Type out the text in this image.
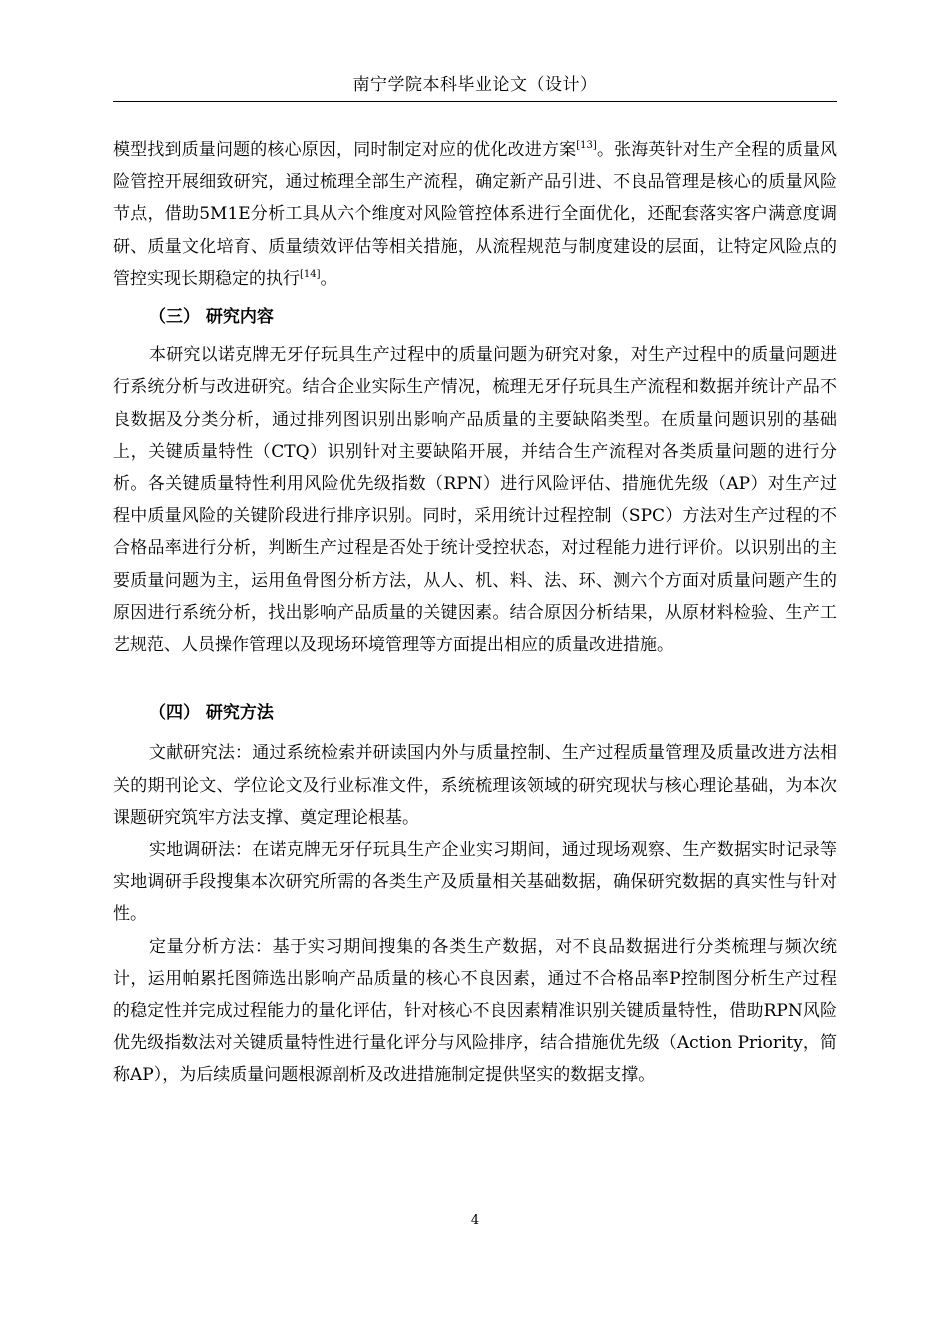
南宁学院本科毕业论文（设计）

模型找到质量问题的核心原因，同时制定对应的优化改进方案[13]。张海英针对生产全程的质量风险管控开展细致研究，通过梳理全部生产流程，确定新产品引进、不良品管理是核心的质量风险节点，借助5M1E分析工具从六个维度对风险管控体系进行全面优化，还配套落实客户满意度调研、质量文化培育、质量绩效评估等相关措施，从流程规范与制度建设的层面，让特定风险点的管控实现长期稳定的执行[14]。

（三） 研究内容

本研究以诺克牌无牙仔玩具生产过程中的质量问题为研究对象，对生产过程中的质量问题进行系统分析与改进研究。结合企业实际生产情况，梳理无牙仔玩具生产流程和数据并统计产品不良数据及分类分析，通过排列图识别出影响产品质量的主要缺陷类型。在质量问题识别的基础上，关键质量特性（CTQ）识别针对主要缺陷开展，并结合生产流程对各类质量问题的进行分析。各关键质量特性利用风险优先级指数（RPN）进行风险评估、措施优先级（AP）对生产过程中质量风险的关键阶段进行排序识别。同时，采用统计过程控制（SPC）方法对生产过程的不合格品率进行分析，判断生产过程是否处于统计受控状态，对过程能力进行评价。以识别出的主要质量问题为主，运用鱼骨图分析方法，从人、机、料、法、环、测六个方面对质量问题产生的原因进行系统分析，找出影响产品质量的关键因素。结合原因分析结果，从原材料检验、生产工艺规范、人员操作管理以及现场环境管理等方面提出相应的质量改进措施。

（四） 研究方法

文献研究法：通过系统检索并研读国内外与质量控制、生产过程质量管理及质量改进方法相关的期刊论文、学位论文及行业标准文件，系统梳理该领域的研究现状与核心理论基础，为本次课题研究筑牢方法支撑、奠定理论根基。

实地调研法：在诺克牌无牙仔玩具生产企业实习期间，通过现场观察、生产数据实时记录等实地调研手段搜集本次研究所需的各类生产及质量相关基础数据，确保研究数据的真实性与针对性。

定量分析方法：基于实习期间搜集的各类生产数据，对不良品数据进行分类梳理与频次统计，运用帕累托图筛选出影响产品质量的核心不良因素，通过不合格品率P控制图分析生产过程的稳定性并完成过程能力的量化评估，针对核心不良因素精准识别关键质量特性，借助RPN风险优先级指数法对关键质量特性进行量化评分与风险排序，结合措施优先级（Action Priority，简称AP），为后续质量问题根源剖析及改进措施制定提供坚实的数据支撑。

4
